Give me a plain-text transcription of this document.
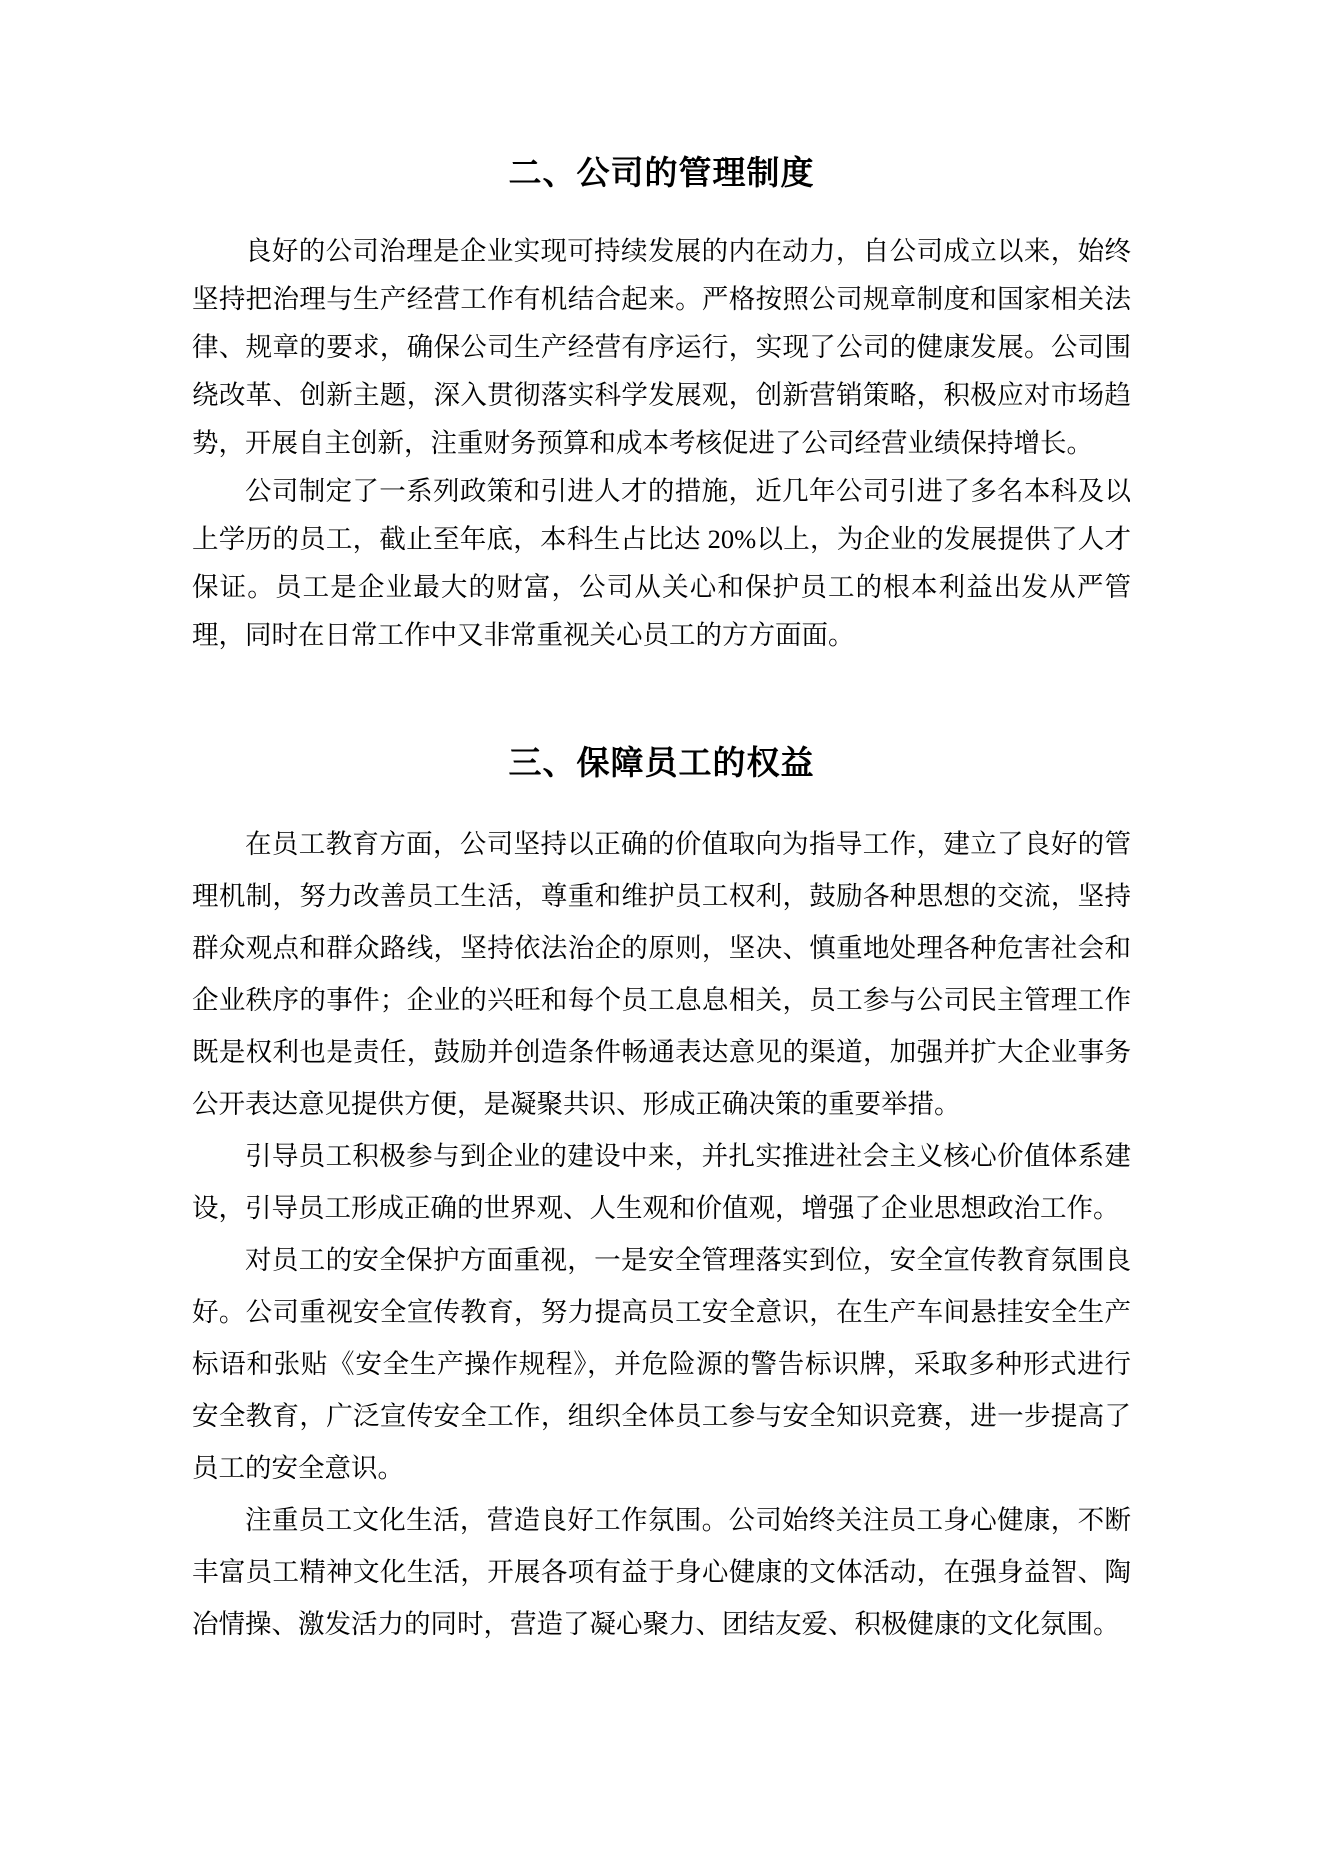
二、公司的管理制度

良好的公司治理是企业实现可持续发展的内在动力，自公司成立以来，始终坚持把治理与生产经营工作有机结合起来。严格按照公司规章制度和国家相关法律、规章的要求，确保公司生产经营有序运行，实现了公司的健康发展。公司围绕改革、创新主题，深入贯彻落实科学发展观，创新营销策略，积极应对市场趋势，开展自主创新，注重财务预算和成本考核促进了公司经营业绩保持增长。

公司制定了一系列政策和引进人才的措施，近几年公司引进了多名本科及以上学历的员工，截止至年底，本科生占比达 20%以上，为企业的发展提供了人才保证。员工是企业最大的财富，公司从关心和保护员工的根本利益出发从严管理，同时在日常工作中又非常重视关心员工的方方面面。

三、保障员工的权益

在员工教育方面，公司坚持以正确的价值取向为指导工作，建立了良好的管理机制，努力改善员工生活，尊重和维护员工权利，鼓励各种思想的交流，坚持群众观点和群众路线，坚持依法治企的原则，坚决、慎重地处理各种危害社会和企业秩序的事件；企业的兴旺和每个员工息息相关，员工参与公司民主管理工作既是权利也是责任，鼓励并创造条件畅通表达意见的渠道，加强并扩大企业事务公开表达意见提供方便，是凝聚共识、形成正确决策的重要举措。

引导员工积极参与到企业的建设中来，并扎实推进社会主义核心价值体系建设，引导员工形成正确的世界观、人生观和价值观，增强了企业思想政治工作。

对员工的安全保护方面重视，一是安全管理落实到位，安全宣传教育氛围良好。公司重视安全宣传教育，努力提高员工安全意识，在生产车间悬挂安全生产标语和张贴《安全生产操作规程》，并危险源的警告标识牌，采取多种形式进行安全教育，广泛宣传安全工作，组织全体员工参与安全知识竞赛，进一步提高了员工的安全意识。

注重员工文化生活，营造良好工作氛围。公司始终关注员工身心健康，不断丰富员工精神文化生活，开展各项有益于身心健康的文体活动，在强身益智、陶冶情操、激发活力的同时，营造了凝心聚力、团结友爱、积极健康的文化氛围。
